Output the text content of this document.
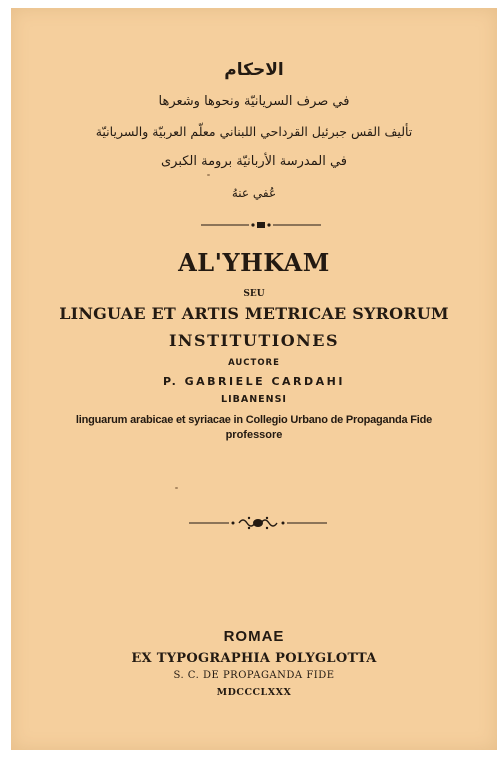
الاحكام
في صرف السريانيّة ونحوها وشعرها
تأليف القس جبرئيل القرداحي اللبناني معلّم العربيّة والسريانيّة
في المدرسة الأربانيّة برومة الكبرى
عُفي عنهُ
AL'YHKAM
SEU
LINGUAE ET ARTIS METRICAE SYRORUM
INSTITUTIONES
AUCTORE
P. GABRIELE CARDAHI
LIBANENSI
linguarum arabicae et syriacae in Collegio Urbano de Propaganda Fide
professore
ROMAE
EX TYPOGRAPHIA POLYGLOTTA
S. C. DE PROPAGANDA FIDE
MDCCCLXXX
